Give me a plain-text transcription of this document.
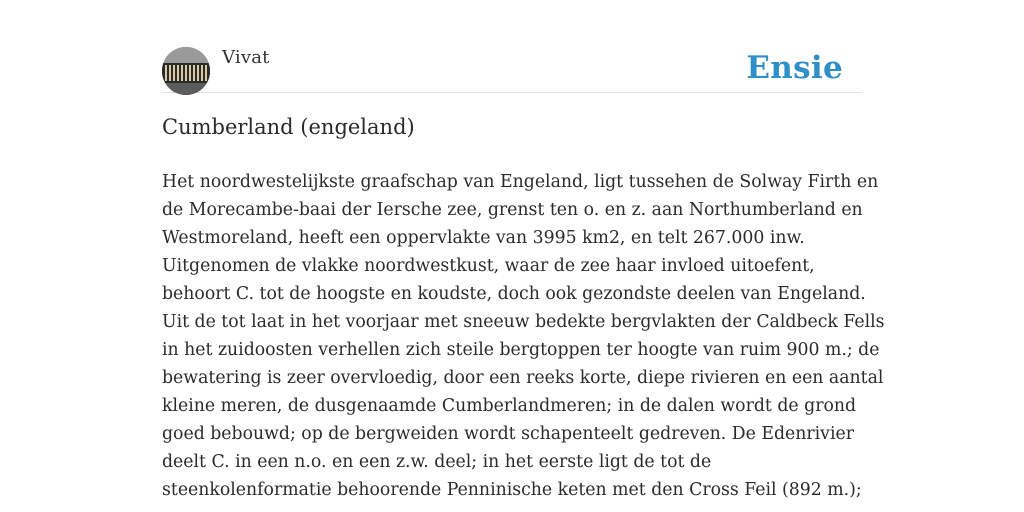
Vivat	Ensie
Cumberland (engeland)
Het noordwestelijkste graafschap van Engeland, ligt tussehen de Solway Firth en
de Morecambe-baai der Iersche zee, grenst ten o. en z. aan Northumberland en
Westmoreland, heeft een oppervlakte van 3995 km2, en telt 267.000 inw.
Uitgenomen de vlakke noordwestkust, waar de zee haar invloed uitoefent,
behoort C. tot de hoogste en koudste, doch ook gezondste deelen van Engeland.
Uit de tot laat in het voorjaar met sneeuw bedekte bergvlakten der Caldbeck Fells
in het zuidoosten verhellen zich steile bergtoppen ter hoogte van ruim 900 m.; de
bewatering is zeer overvloedig, door een reeks korte, diepe rivieren en een aantal
kleine meren, de dusgenaamde Cumberlandmeren; in de dalen wordt de grond
goed bebouwd; op de bergweiden wordt schapenteelt gedreven. De Edenrivier
deelt C. in een n.o. en een z.w. deel; in het eerste ligt de tot de
steenkolenformatie behoorende Penninische keten met den Cross Feil (892 m.);
